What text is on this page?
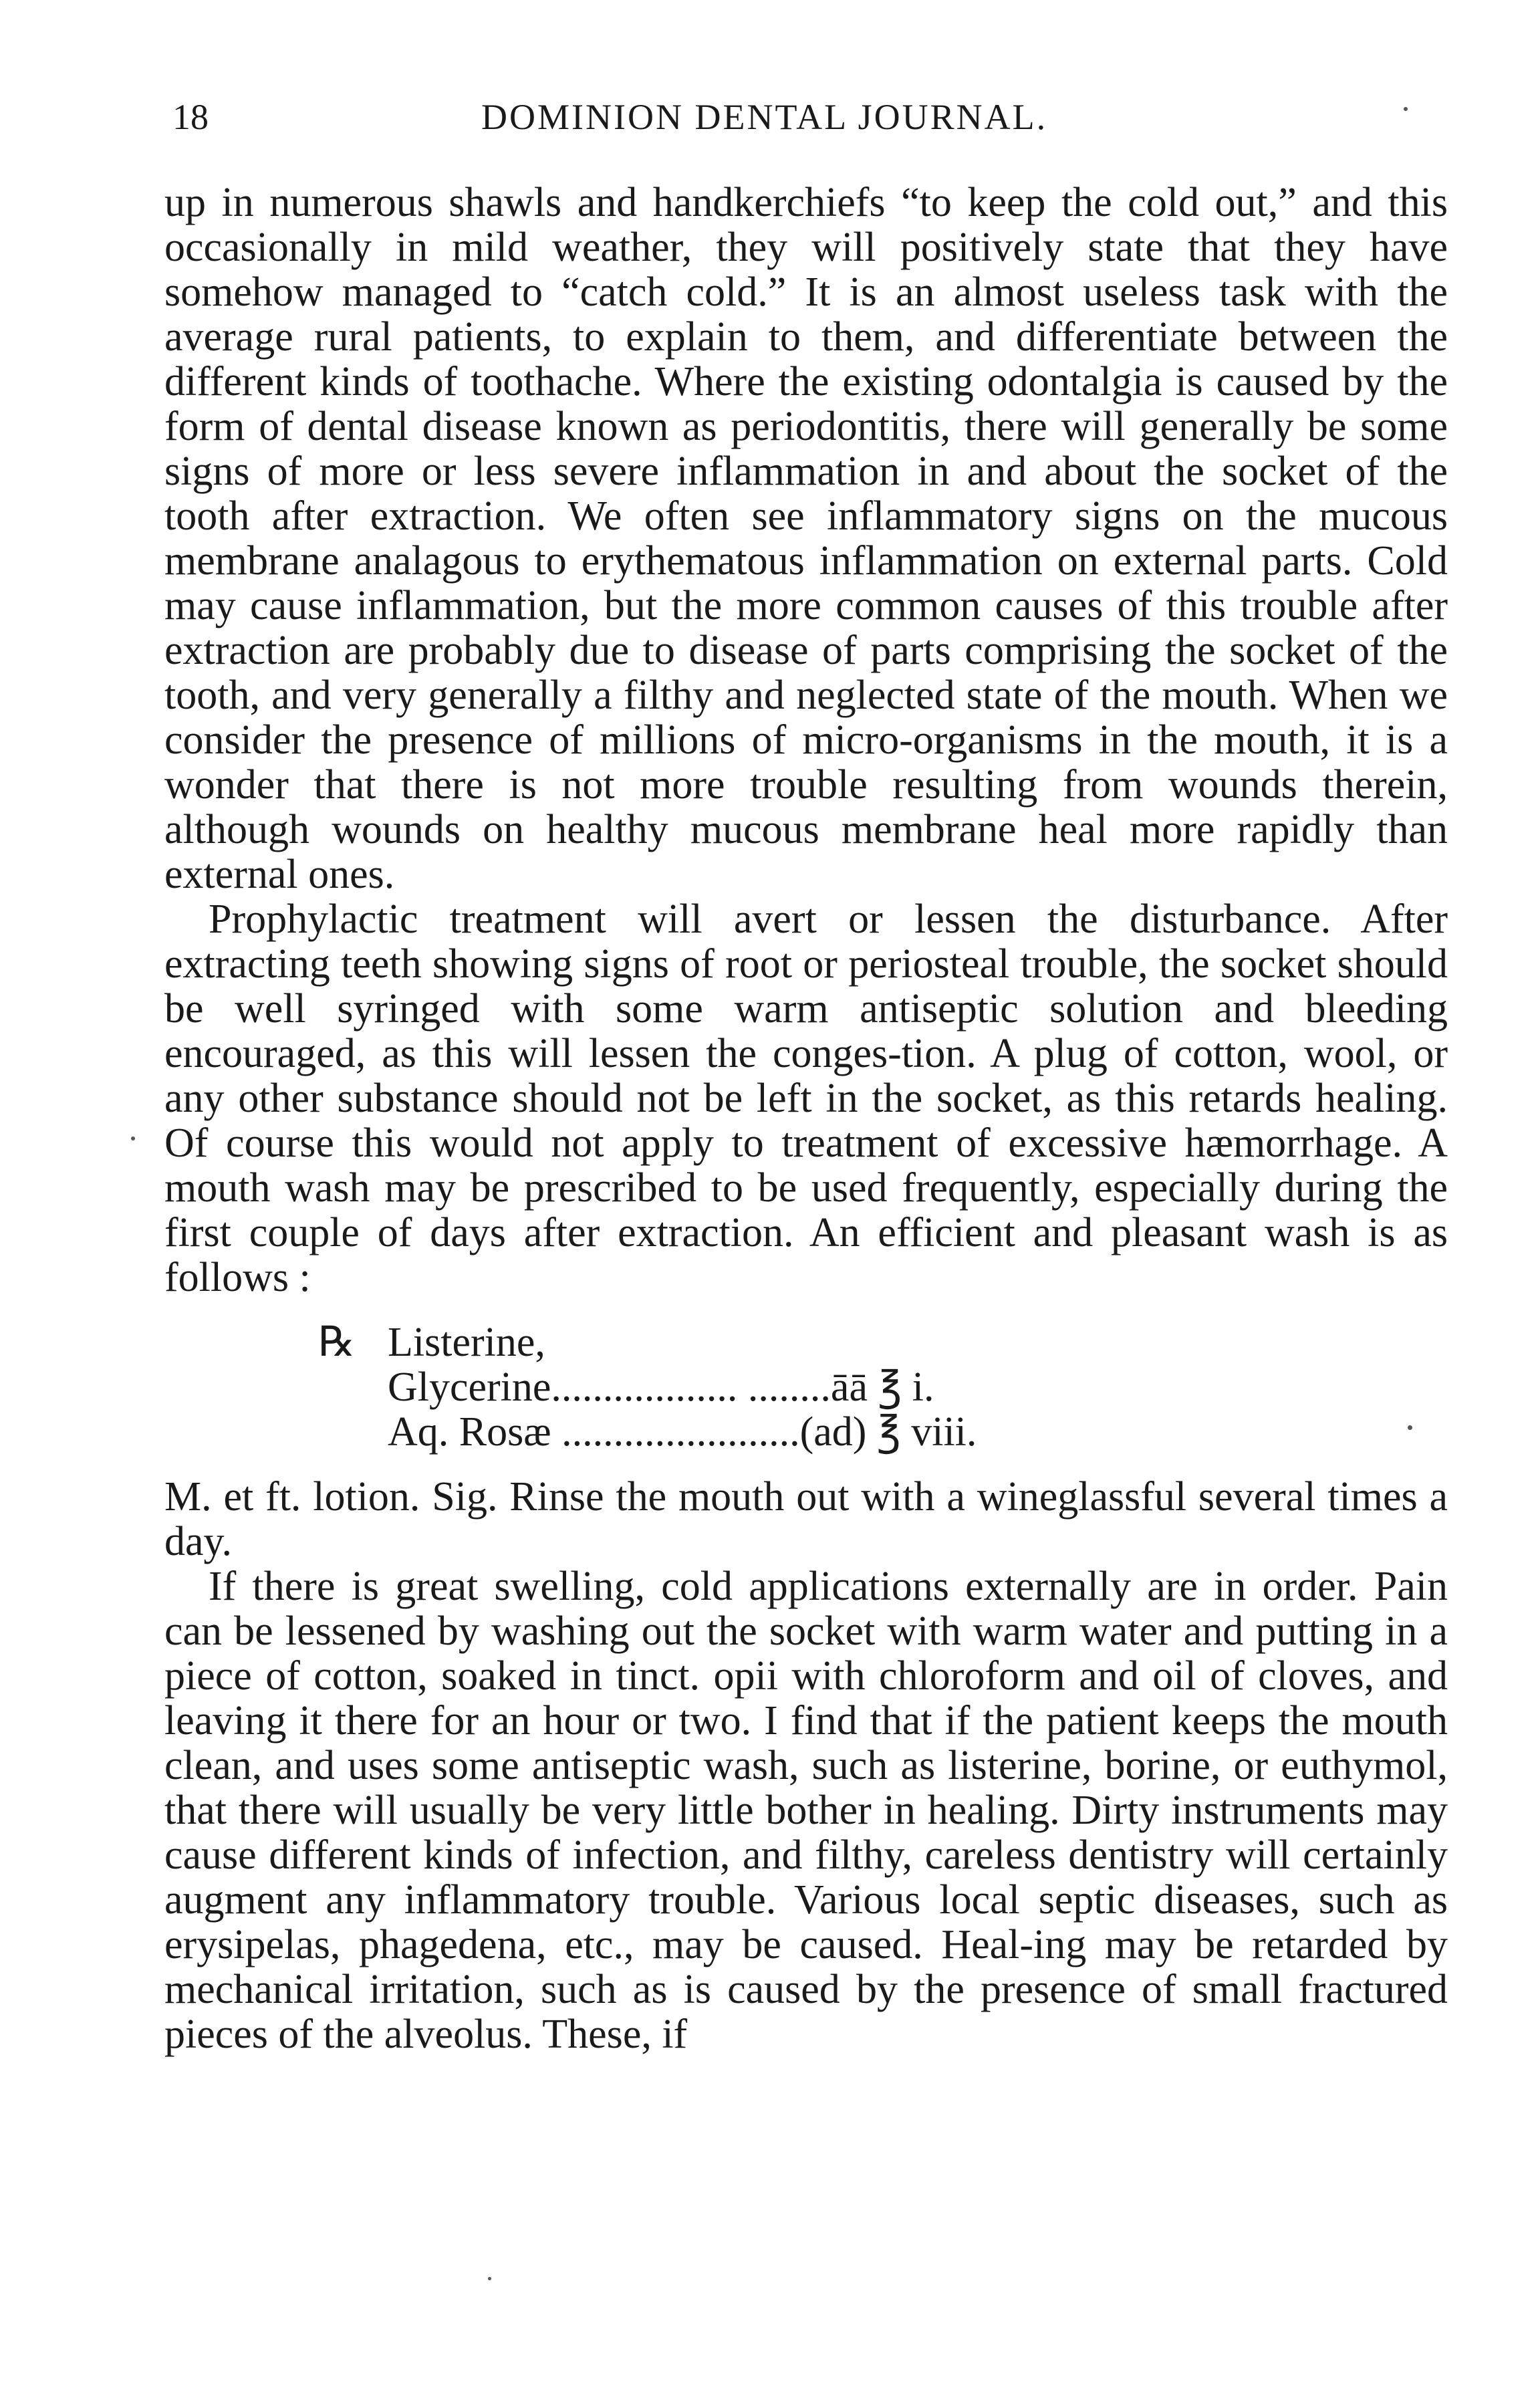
18	DOMINION DENTAL JOURNAL.

up in numerous shawls and handkerchiefs “to keep the cold out,” and this occasionally in mild weather, they will positively state that they have somehow managed to “catch cold.” It is an almost useless task with the average rural patients, to explain to them, and differentiate between the different kinds of toothache. Where the existing odontalgia is caused by the form of dental disease known as periodontitis, there will generally be some signs of more or less severe inflammation in and about the socket of the tooth after extraction. We often see inflammatory signs on the mucous membrane analagous to erythematous inflammation on external parts. Cold may cause inflammation, but the more common causes of this trouble after extraction are probably due to disease of parts comprising the socket of the tooth, and very generally a filthy and neglected state of the mouth. When we consider the presence of millions of micro-organisms in the mouth, it is a wonder that there is not more trouble resulting from wounds therein, although wounds on healthy mucous membrane heal more rapidly than external ones.

Prophylactic treatment will avert or lessen the disturbance. After extracting teeth showing signs of root or periosteal trouble, the socket should be well syringed with some warm antiseptic solution and bleeding encouraged, as this will lessen the conges-tion. A plug of cotton, wool, or any other substance should not be left in the socket, as this retards healing. Of course this would not apply to treatment of excessive hæmorrhage. A mouth wash may be prescribed to be used frequently, especially during the first couple of days after extraction. An efficient and pleasant wash is as follows :

℞ Listerine,
Glycerine.................. ........āā ℥ i.
Aq. Rosæ .......................(ad) ℥ viii.

M. et ft. lotion. Sig. Rinse the mouth out with a wineglassful several times a day.

If there is great swelling, cold applications externally are in order. Pain can be lessened by washing out the socket with warm water and putting in a piece of cotton, soaked in tinct. opii with chloroform and oil of cloves, and leaving it there for an hour or two. I find that if the patient keeps the mouth clean, and uses some antiseptic wash, such as listerine, borine, or euthymol, that there will usually be very little bother in healing. Dirty instruments may cause different kinds of infection, and filthy, careless dentistry will certainly augment any inflammatory trouble. Various local septic diseases, such as erysipelas, phagedena, etc., may be caused. Heal-ing may be retarded by mechanical irritation, such as is caused by the presence of small fractured pieces of the alveolus. These, if
